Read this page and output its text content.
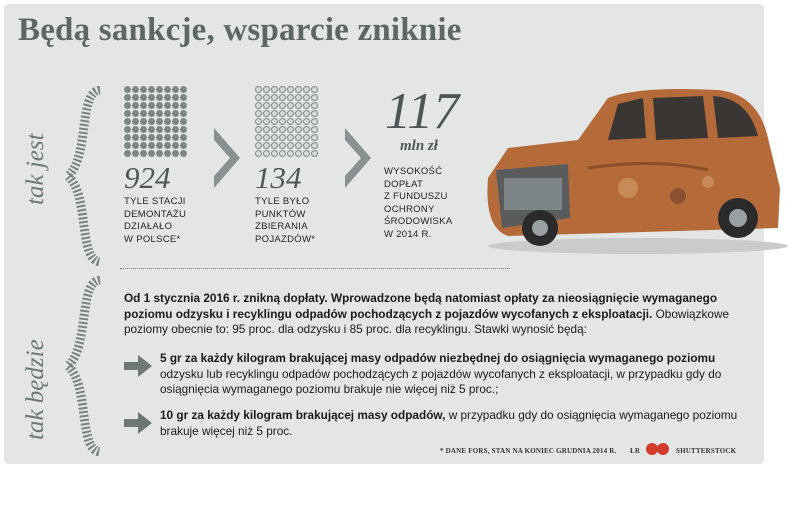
Będą sankcje, wsparcie zniknie
tak jest
tak będzie
924
TYLE STACJI
DEMONTAŻU
DZIAŁAŁO
W POLSCE*
134
TYLE BYŁO
PUNKTÓW
ZBIERANIA
POJAZDÓW*
117
mln zł
WYSOKOŚĆ
DOPŁAT
Z FUNDUSZU
OCHRONY
ŚRODOWISKA
W 2014 R.
Od 1 stycznia 2016 r. znikną dopłaty. Wprowadzone będą natomiast opłaty za nieosiągnięcie wymaganego poziomu odzysku i recyklingu odpadów pochodzących z pojazdów wycofanych z eksploatacji. Obowiązkowe poziomy obecnie to: 95 proc. dla odzysku i 85 proc. dla recyklingu. Stawki wynosić będą:
5 gr za każdy kilogram brakującej masy odpadów niezbędnej do osiągnięcia wymaganego poziomu odzysku lub recyklingu odpadów pochodzących z pojazdów wycofanych z eksploatacji, w przypadku gdy do osiągnięcia wymaganego poziomu brakuje nie więcej niż 5 proc.;
10 gr za każdy kilogram brakującej masy odpadów, w przypadku gdy do osiągnięcia wymaganego poziomu brakuje więcej niż 5 proc.
* DANE FORS, STAN NA KONIEC GRUDNIA 2014 R. ŁR	SHUTTERSTOCK
